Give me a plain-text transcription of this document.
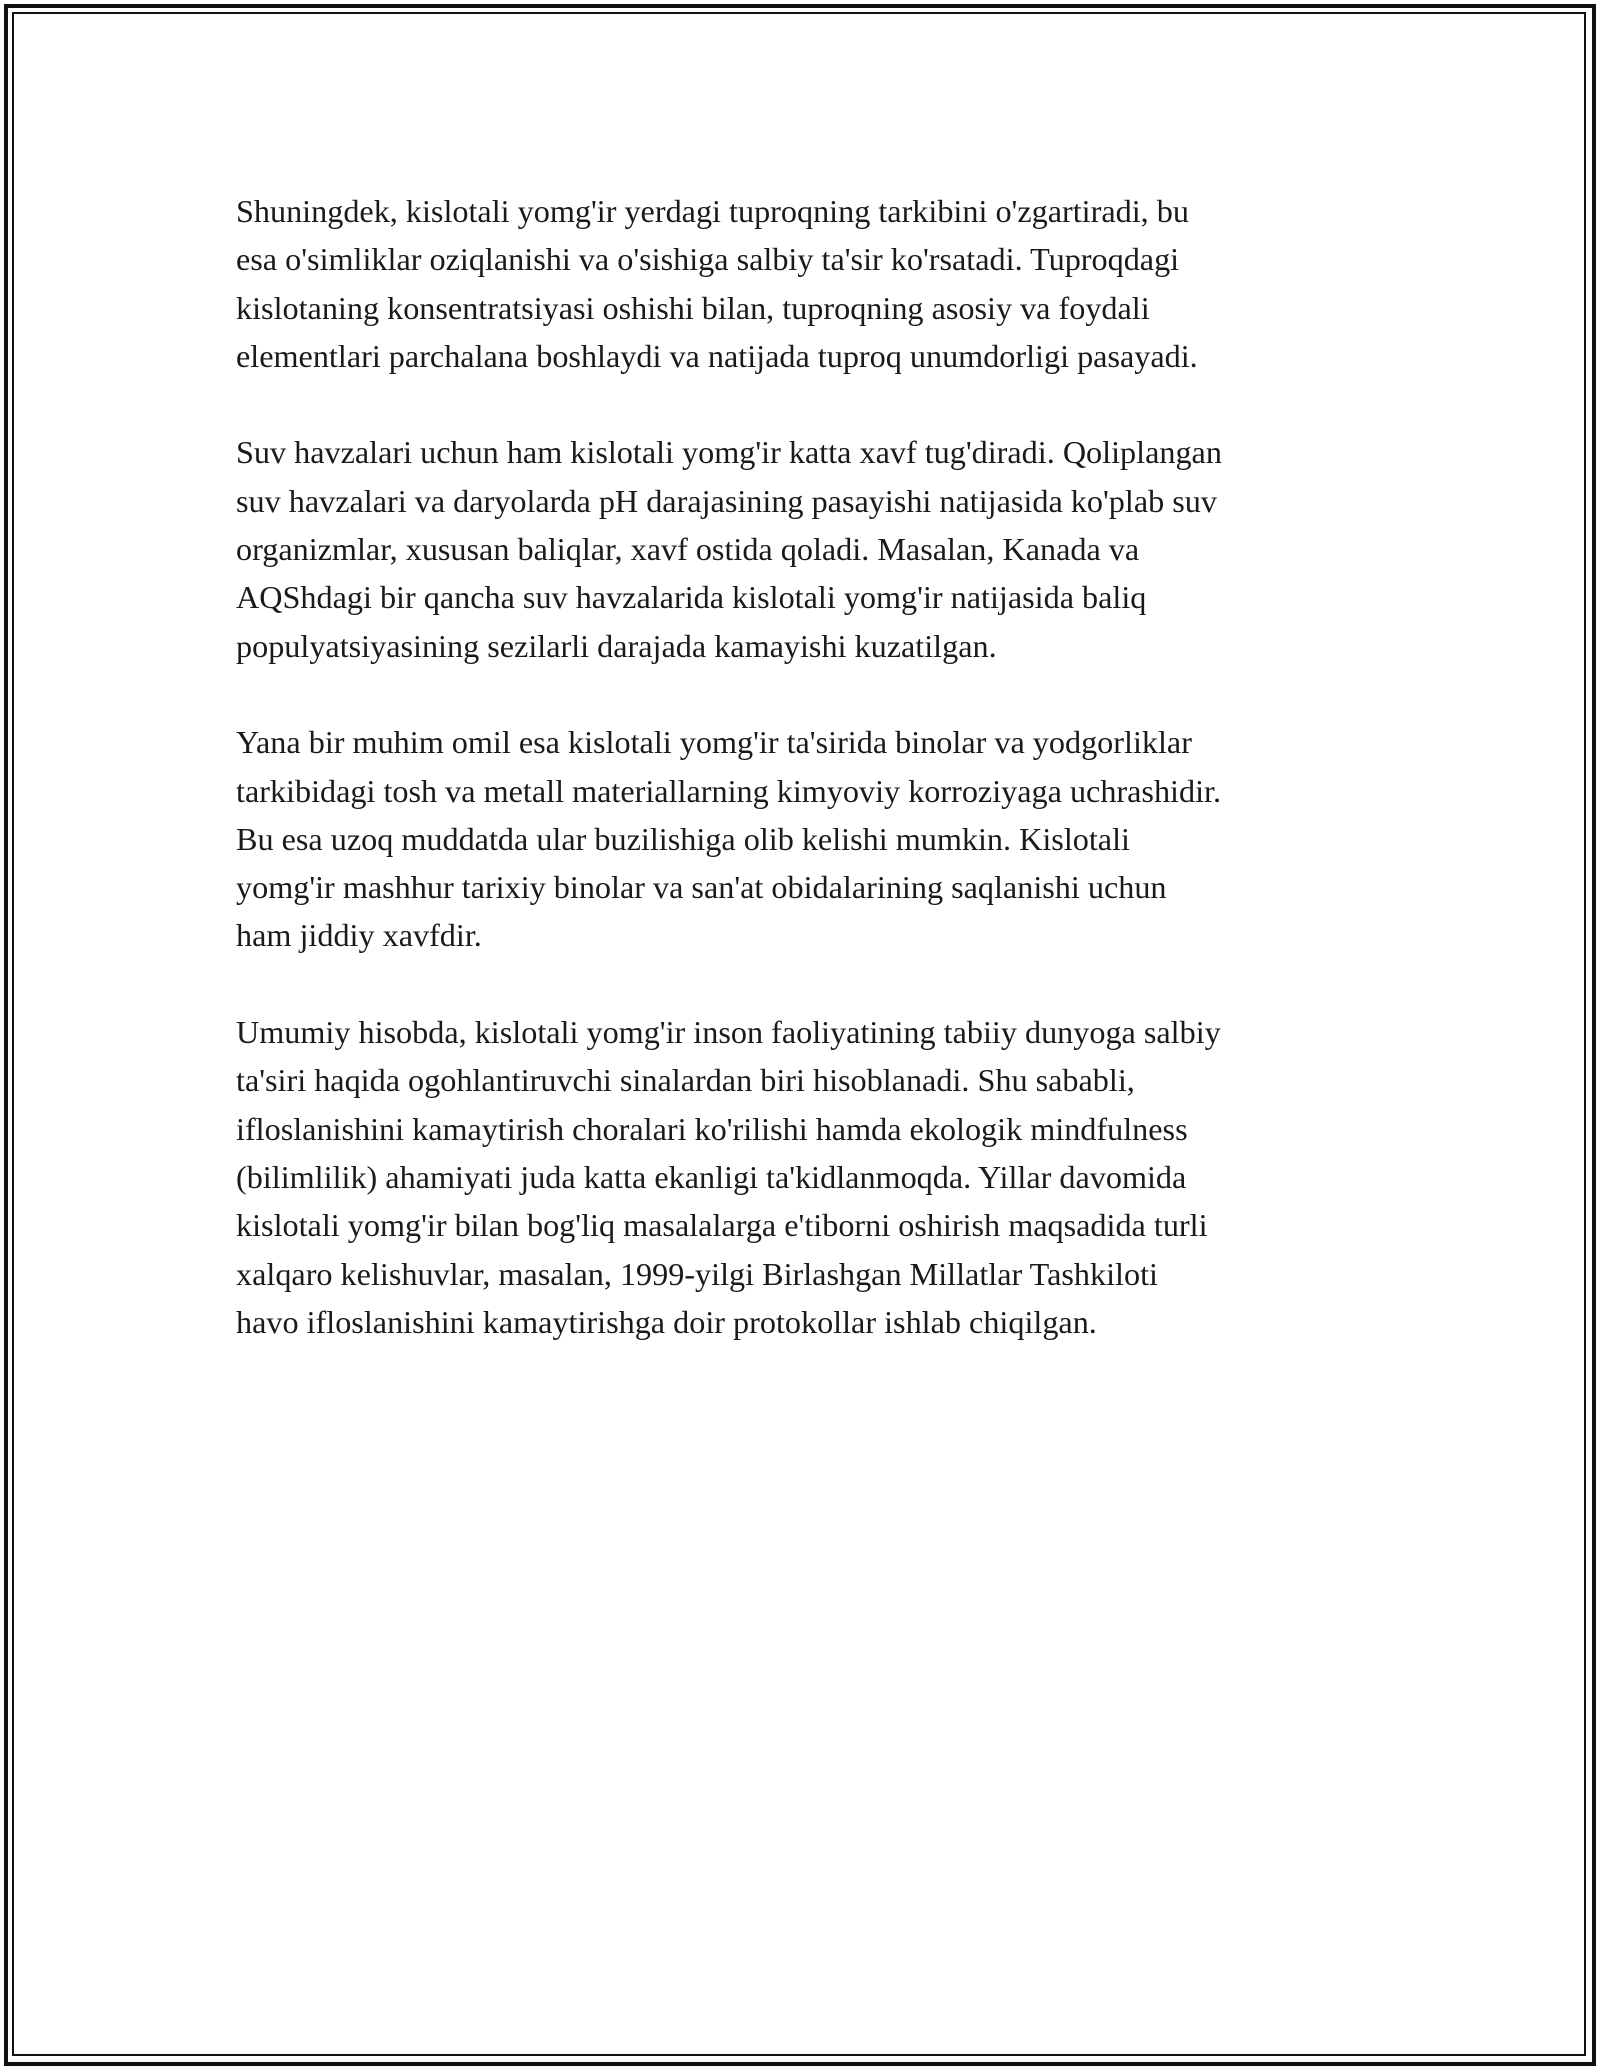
Shuningdek, kislotali yomg'ir yerdagi tuproqning tarkibini o'zgartiradi, bu
esa o'simliklar oziqlanishi va o'sishiga salbiy ta'sir ko'rsatadi. Tuproqdagi
kislotaning konsentratsiyasi oshishi bilan, tuproqning asosiy va foydali
elementlari parchalana boshlaydi va natijada tuproq unumdorligi pasayadi.

Suv havzalari uchun ham kislotali yomg'ir katta xavf tug'diradi. Qoliplangan
suv havzalari va daryolarda pH darajasining pasayishi natijasida ko'plab suv
organizmlar, xususan baliqlar, xavf ostida qoladi. Masalan, Kanada va
AQShdagi bir qancha suv havzalarida kislotali yomg'ir natijasida baliq
populyatsiyasining sezilarli darajada kamayishi kuzatilgan.

Yana bir muhim omil esa kislotali yomg'ir ta'sirida binolar va yodgorliklar
tarkibidagi tosh va metall materiallarning kimyoviy korroziyaga uchrashidir.
Bu esa uzoq muddatda ular buzilishiga olib kelishi mumkin. Kislotali
yomg'ir mashhur tarixiy binolar va san'at obidalarining saqlanishi uchun
ham jiddiy xavfdir.

Umumiy hisobda, kislotali yomg'ir inson faoliyatining tabiiy dunyoga salbiy
ta'siri haqida ogohlantiruvchi sinalardan biri hisoblanadi. Shu sababli,
ifloslanishini kamaytirish choralari ko'rilishi hamda ekologik mindfulness
(bilimlilik) ahamiyati juda katta ekanligi ta'kidlanmoqda. Yillar davomida
kislotali yomg'ir bilan bog'liq masalalarga e'tiborni oshirish maqsadida turli
xalqaro kelishuvlar, masalan, 1999-yilgi Birlashgan Millatlar Tashkiloti
havo ifloslanishini kamaytirishga doir protokollar ishlab chiqilgan.
